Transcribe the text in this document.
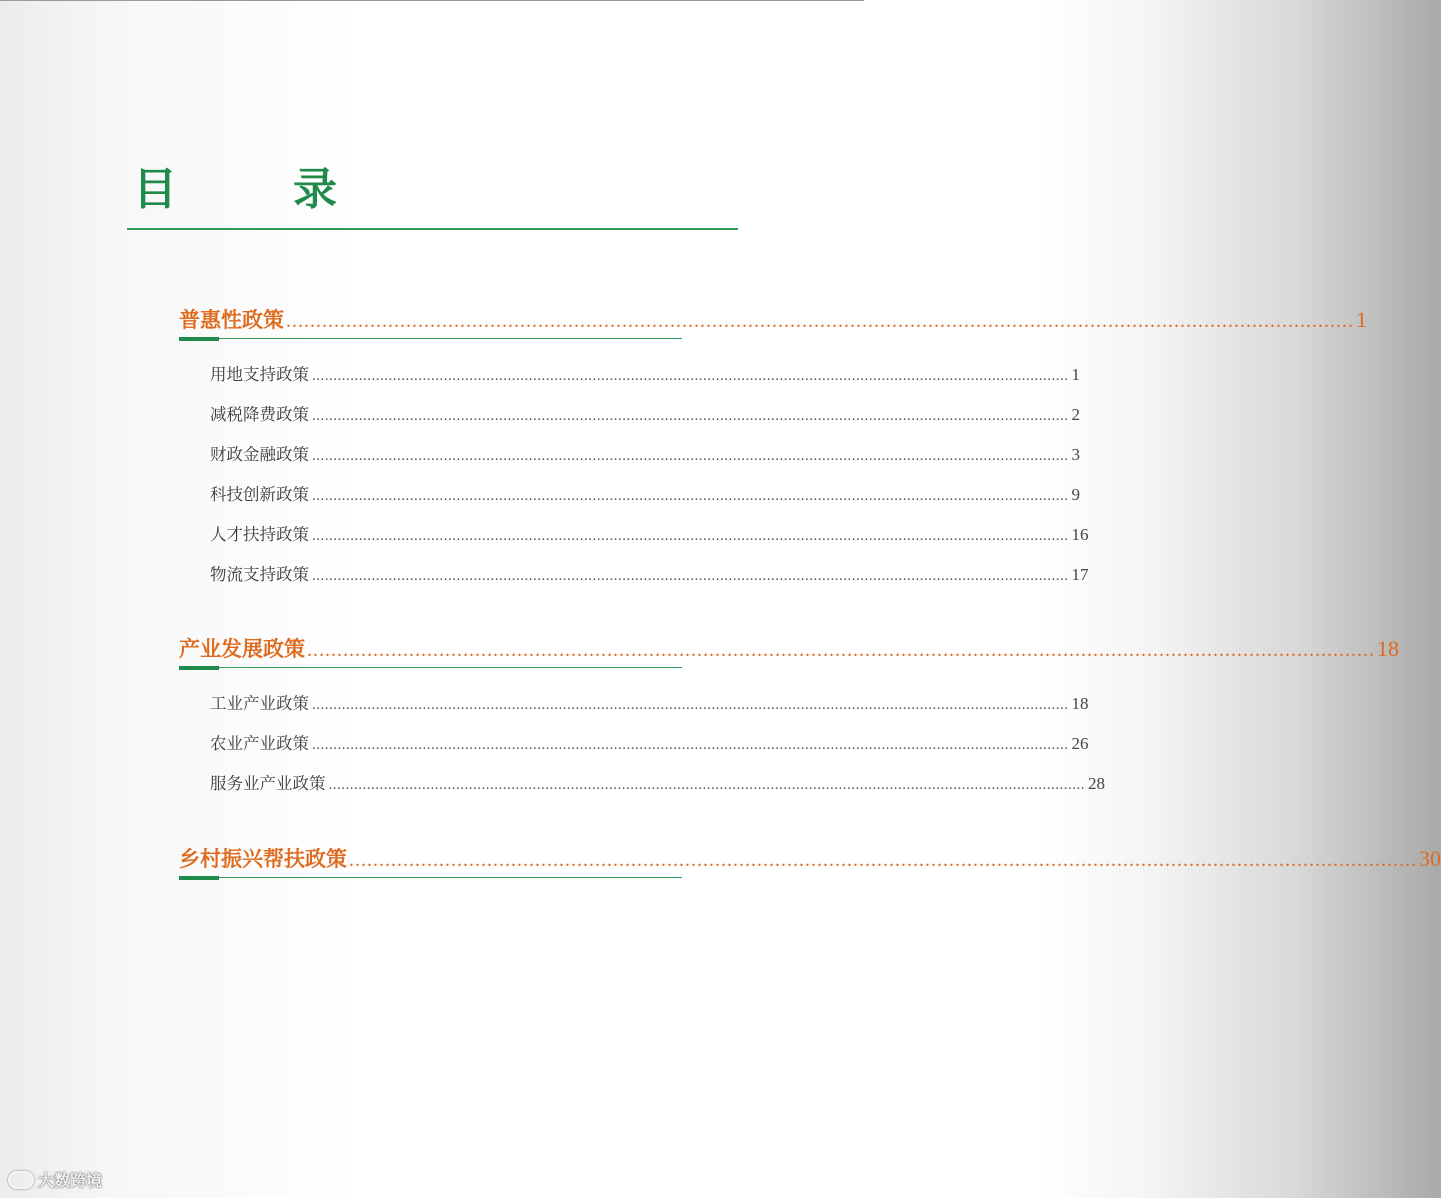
目　录
普惠性政策 .................................................................................................................................................................................. 1
用地支持政策 .................................................................................................................................................................................. 1
减税降费政策 .................................................................................................................................................................................. 2
财政金融政策 .................................................................................................................................................................................. 3
科技创新政策 .................................................................................................................................................................................. 9
人才扶持政策 .................................................................................................................................................................................. 16
物流支持政策 .................................................................................................................................................................................. 17
产业发展政策 .................................................................................................................................................................................. 18
工业产业政策 .................................................................................................................................................................................. 18
农业产业政策 .................................................................................................................................................................................. 26
服务业产业政策 .................................................................................................................................................................................. 28
乡村振兴帮扶政策 .................................................................................................................................................................................. 30
大数跨境
